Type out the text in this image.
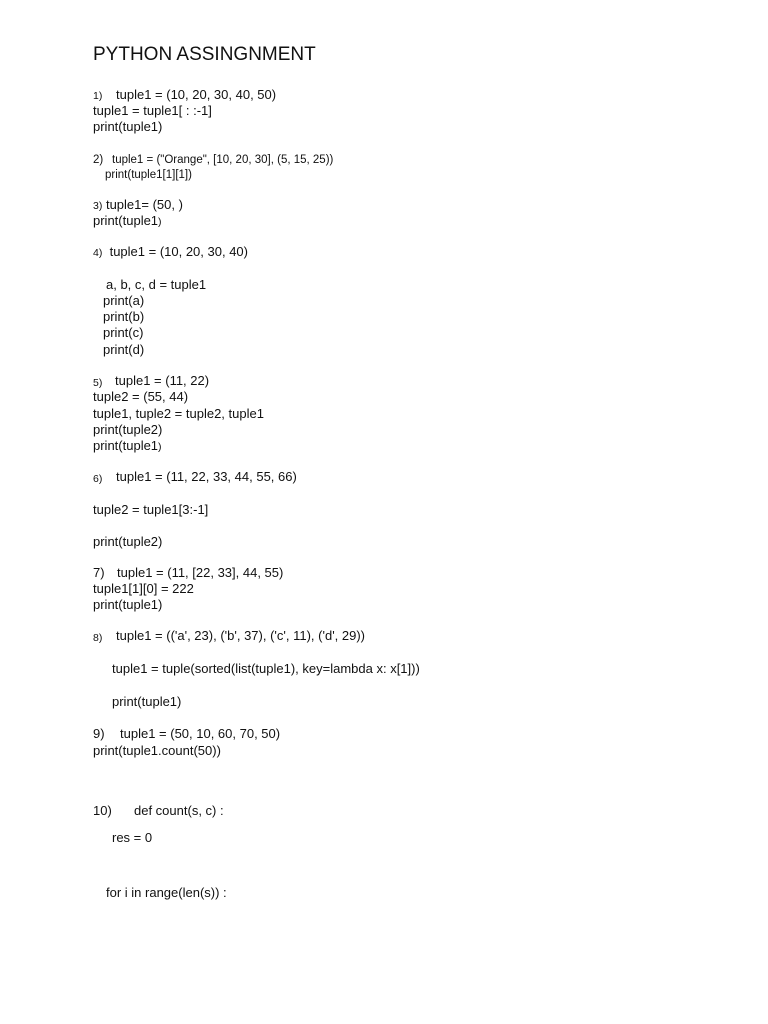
PYTHON ASSINGNMENT
1) tuple1 = (10, 20, 30, 40, 50)
tuple1 = tuple1[ : :-1]
print(tuple1)
2) tuple1 = ("Orange", [10, 20, 30], (5, 15, 25))
print(tuple1[1][1])
3) tuple1= (50, )
print(tuple1)
4) tuple1 = (10, 20, 30, 40)
a, b, c, d = tuple1
print(a)
print(b)
print(c)
print(d)
5) tuple1 = (11, 22)
tuple2 = (55, 44)
tuple1, tuple2 = tuple2, tuple1
print(tuple2)
print(tuple1)
6) tuple1 = (11, 22, 33, 44, 55, 66)
tuple2 = tuple1[3:-1]
print(tuple2)
7) tuple1 = (11, [22, 33], 44, 55)
tuple1[1][0] = 222
print(tuple1)
8) tuple1 = (('a', 23), ('b', 37), ('c', 11), ('d', 29))
tuple1 = tuple(sorted(list(tuple1), key=lambda x: x[1]))
print(tuple1)
9) tuple1 = (50, 10, 60, 70, 50)
print(tuple1.count(50))
10) def count(s, c) :
res = 0
for i in range(len(s)) :
